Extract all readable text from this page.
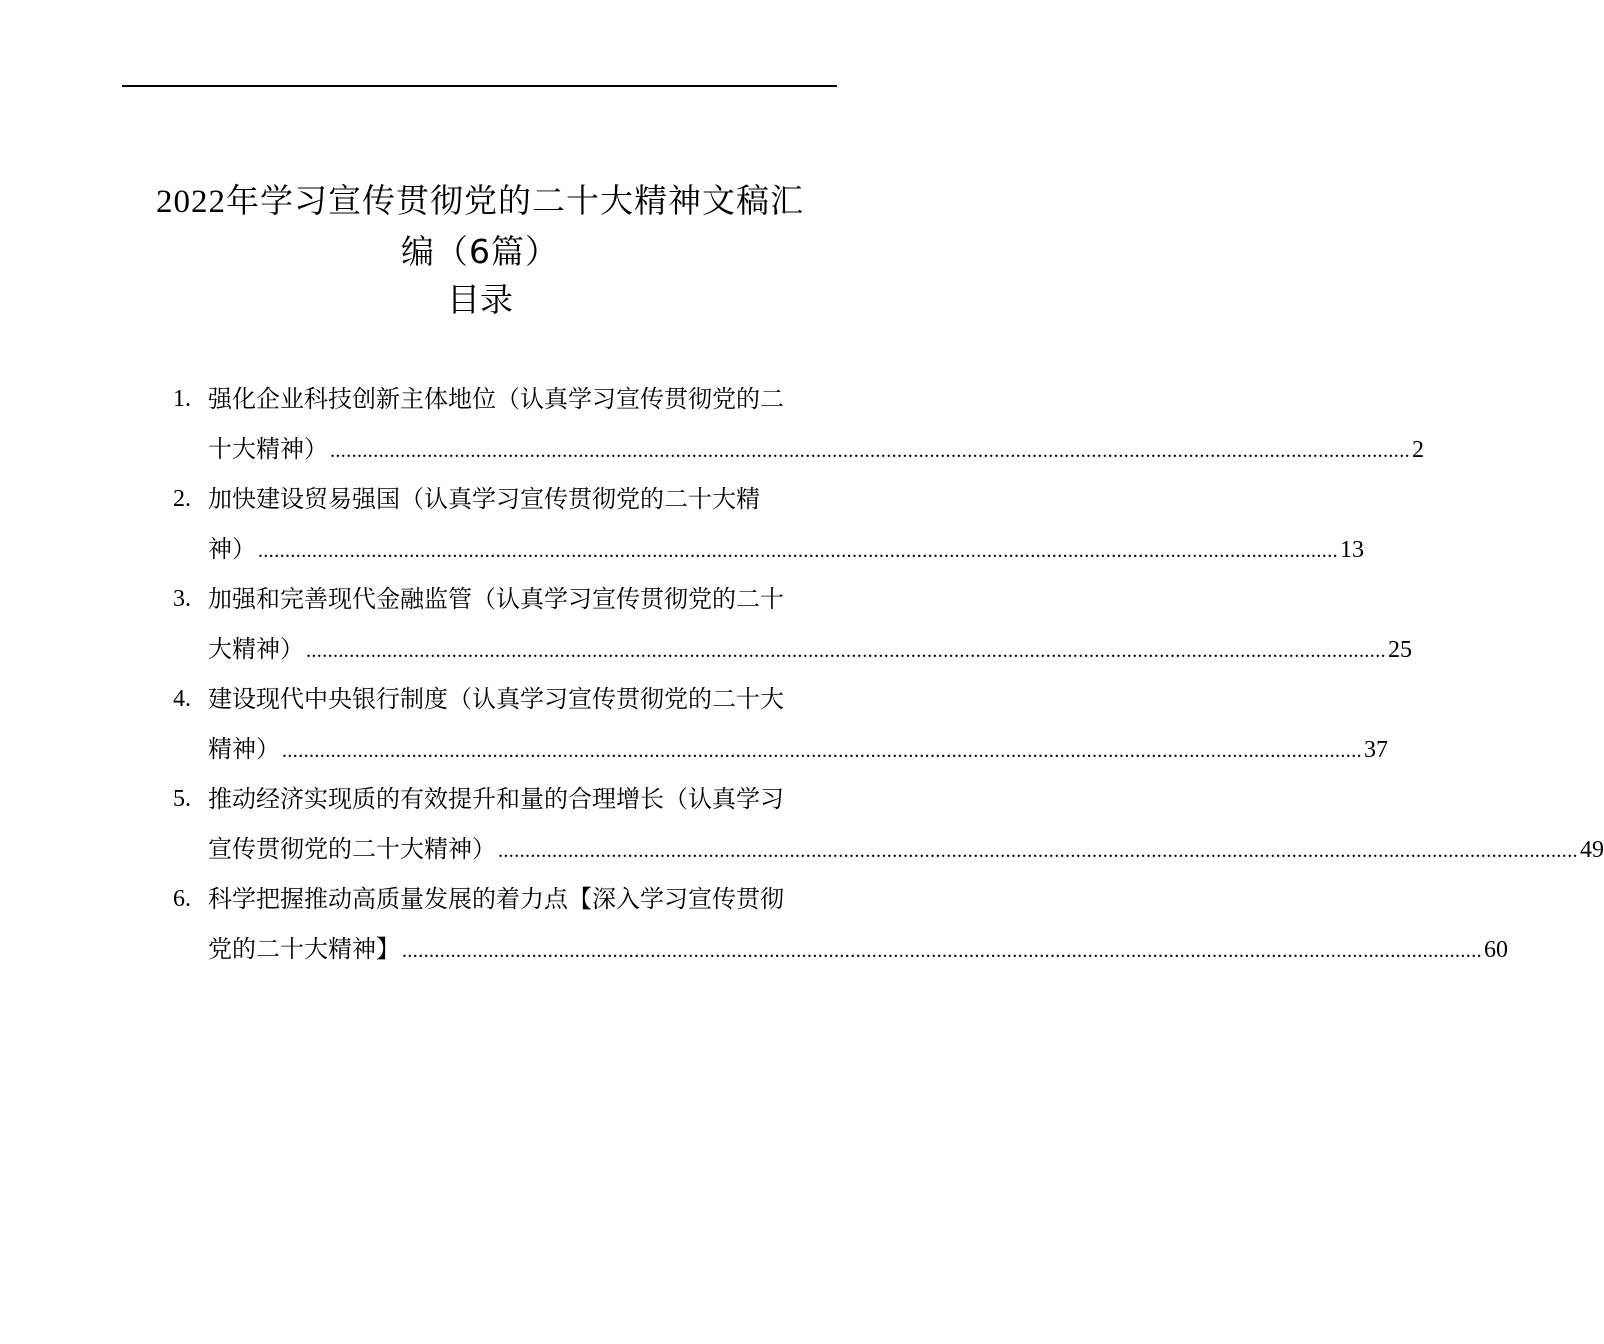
2022年学习宣传贯彻党的二十大精神文稿汇
编（6篇）
目录
1. 强化企业科技创新主体地位（认真学习宣传贯彻党的二
十大精神） ........................................................................................................................................................................................................ 2
2. 加快建设贸易强国（认真学习宣传贯彻党的二十大精
神） ........................................................................................................................................................................................................ 13
3. 加强和完善现代金融监管（认真学习宣传贯彻党的二十
大精神） ........................................................................................................................................................................................................ 25
4. 建设现代中央银行制度（认真学习宣传贯彻党的二十大
精神） ........................................................................................................................................................................................................ 37
5. 推动经济实现质的有效提升和量的合理增长（认真学习
宣传贯彻党的二十大精神） ........................................................................................................................................................................................................ 49
6. 科学把握推动高质量发展的着力点【深入学习宣传贯彻
党的二十大精神】 ........................................................................................................................................................................................................ 60
